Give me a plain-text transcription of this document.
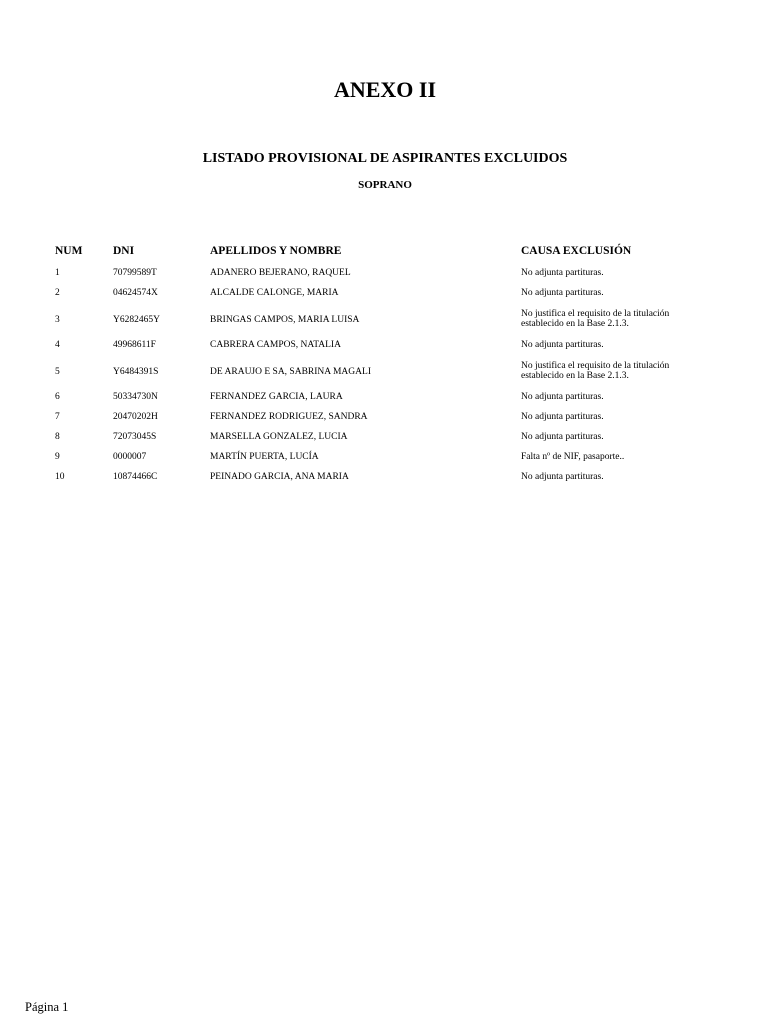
ANEXO II
LISTADO PROVISIONAL DE ASPIRANTES EXCLUIDOS
SOPRANO
NUM	DNI	APELLIDOS Y NOMBRE	CAUSA EXCLUSIÓN
1	70799589T	ADANERO BEJERANO, RAQUEL	No adjunta partituras.
2	04624574X	ALCALDE CALONGE, MARIA	No adjunta partituras.
3	Y6282465Y	BRINGAS CAMPOS, MARIA LUISA
No justifica el requisito de la titulación
establecido en la Base 2.1.3.
4	49968611F	CABRERA CAMPOS, NATALIA	No adjunta partituras.
5	Y6484391S	DE ARAUJO E SA, SABRINA MAGALI
No justifica el requisito de la titulación
establecido en la Base 2.1.3.
6	50334730N	FERNANDEZ GARCIA, LAURA	No adjunta partituras.
7	20470202H	FERNANDEZ RODRIGUEZ, SANDRA	No adjunta partituras.
8	72073045S	MARSELLA GONZALEZ, LUCIA	No adjunta partituras.
9	0000007	MARTÍN PUERTA, LUCÍA	Falta nº de NIF, pasaporte..
10	10874466C	PEINADO GARCIA, ANA MARIA	No adjunta partituras.
Página 1
